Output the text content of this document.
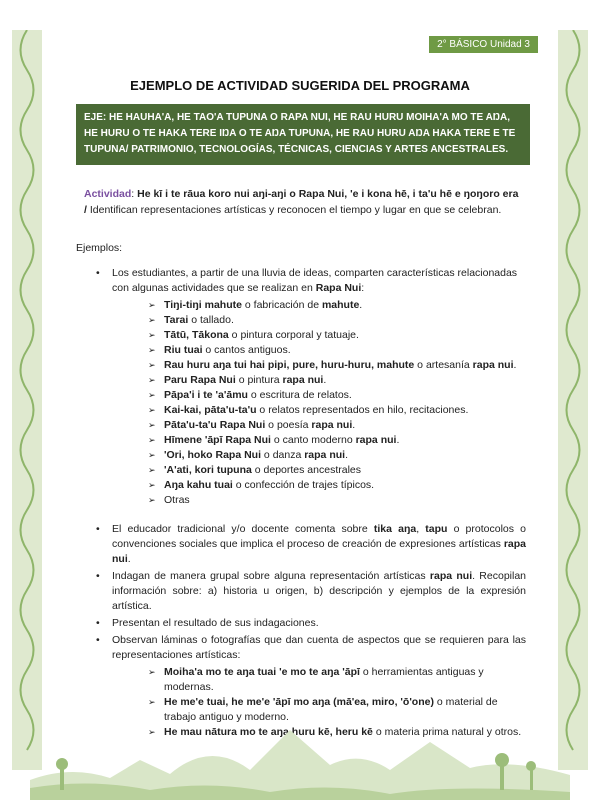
2° BÁSICO Unidad 3
EJEMPLO DE ACTIVIDAD SUGERIDA DEL PROGRAMA
EJE: HE HAUHA'A, HE TAO'A TUPUNA O RAPA NUI, HE RAU HURU MOIHA'A MO TE AŊA, HE HURU O TE HAKA TERE IŊA O TE AŊA TUPUNA, HE RAU HURU AŊA HAKA TERE E TE TUPUNA/ PATRIMONIO, TECNOLOGÍAS, TÉCNICAS, CIENCIAS Y ARTES ANCESTRALES.
Actividad: He kī i te rāua koro nui aŋi-aŋi o Rapa Nui, 'e i kona hē, i ta'u hē e ŋoŋoro era / Identifican representaciones artísticas y reconocen el tiempo y lugar en que se celebran.
Ejemplos:
• Los estudiantes, a partir de una lluvia de ideas, comparten características relacionadas con algunas actividades que se realizan en Rapa Nui:
➢ Tiŋi-tiŋi mahute o fabricación de mahute.
➢ Tarai o tallado.
➢ Tātū, Tākona o pintura corporal y tatuaje.
➢ Riu tuai o cantos antiguos.
➢ Rau huru aŋa tui hai pipi, pure, huru-huru, mahute o artesanía rapa nui.
➢ Paru Rapa Nui o pintura rapa nui.
➢ Pāpa'i i te 'a'āmu o escritura de relatos.
➢ Kai-kai, pāta'u-ta'u o relatos representados en hilo, recitaciones.
➢ Pāta'u-ta'u Rapa Nui o poesía rapa nui.
➢ Hīmene 'āpī Rapa Nui o canto moderno rapa nui.
➢ 'Ori, hoko Rapa Nui o danza rapa nui.
➢ 'A'ati, kori tupuna o deportes ancestrales
➢ Aŋa kahu tuai o confección de trajes típicos.
➢ Otras
• El educador tradicional y/o docente comenta sobre tika aŋa, tapu o protocolos o convenciones sociales que implica el proceso de creación de expresiones artísticas rapa nui.
• Indagan de manera grupal sobre alguna representación artísticas rapa nui. Recopilan información sobre: a) historia u origen, b) descripción y ejemplos de la expresión artística.
• Presentan el resultado de sus indagaciones.
• Observan láminas o fotografías que dan cuenta de aspectos que se requieren para las representaciones artísticas:
➢ Moiha'a mo te aŋa tuai 'e mo te aŋa 'āpī o herramientas antiguas y modernas.
➢ He me'e tuai, he me'e 'āpī mo aŋa (mā'ea, miro, 'ō'one) o material de trabajo antiguo y moderno.
➢ He mau nātura mo te aŋa huru kē, heru kē o materia prima natural y otros.
